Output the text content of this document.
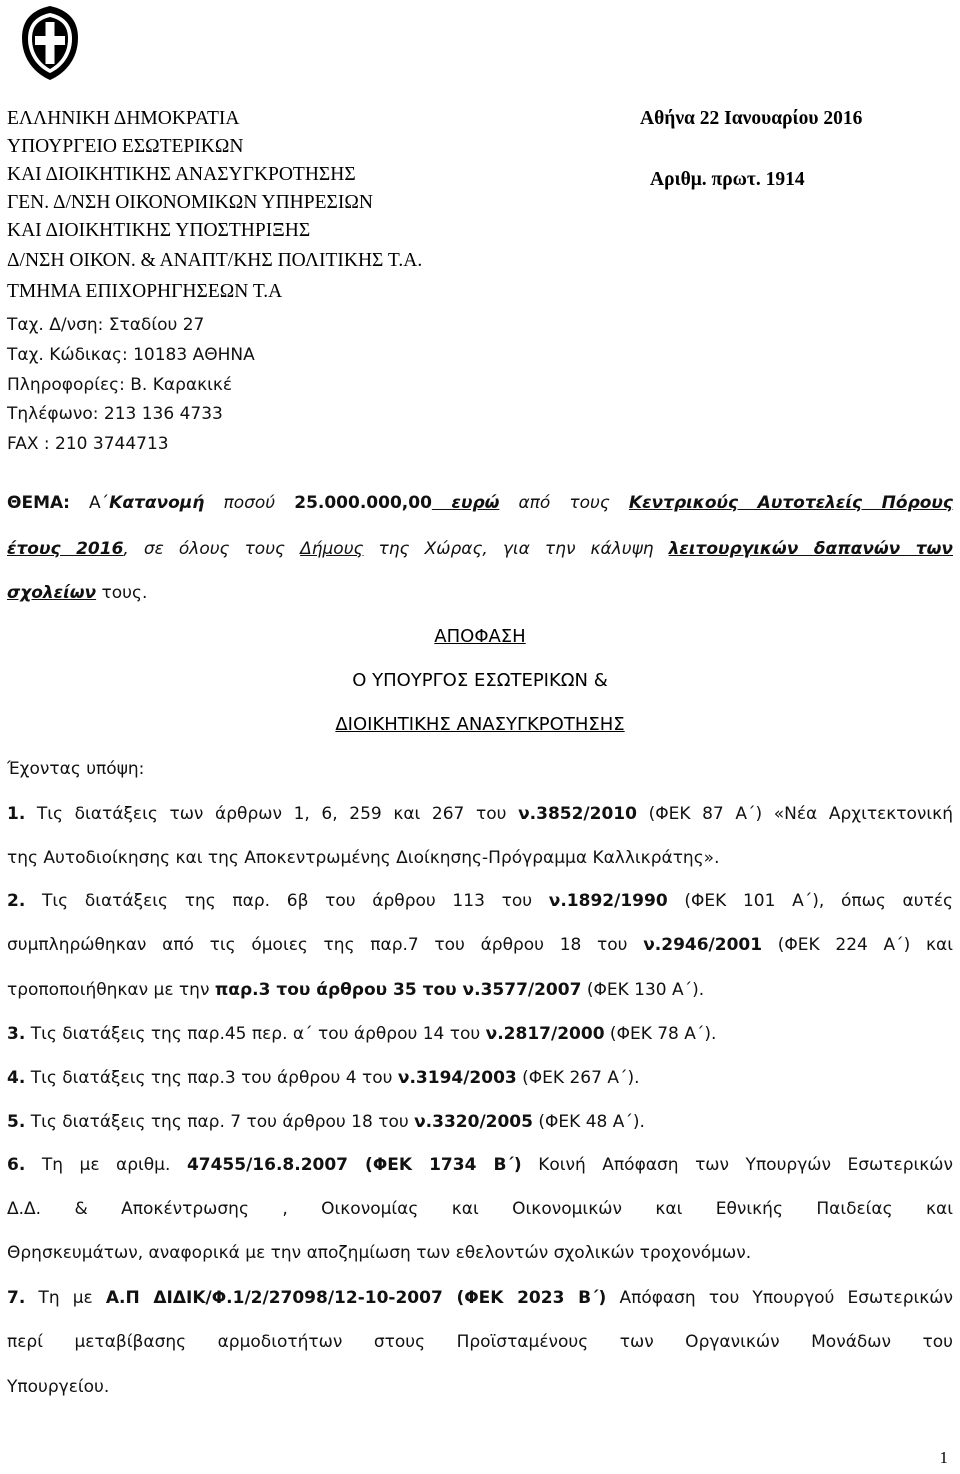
ΕΛΛΗΝΙΚΗ ΔΗΜΟΚΡΑΤΙΑ
ΥΠΟΥΡΓΕΙΟ ΕΣΩΤΕΡΙΚΩΝ
ΚΑΙ ΔΙΟΙΚΗΤΙΚΗΣ ΑΝΑΣΥΓΚΡΟΤΗΣΗΣ
ΓΕΝ. Δ/ΝΣΗ ΟΙΚΟΝΟΜΙΚΩΝ ΥΠΗΡΕΣΙΩΝ
ΚΑΙ ΔΙΟΙΚΗΤΙΚΗΣ ΥΠΟΣΤΗΡΙΞΗΣ
Δ/ΝΣΗ ΟΙΚΟΝ. & ΑΝΑΠΤ/ΚΗΣ ΠΟΛΙΤΙΚΗΣ Τ.Α.
ΤΜΗΜΑ ΕΠΙΧΟΡΗΓΗΣΕΩΝ Τ.Α
Ταχ. Δ/νση: Σταδίου 27
Ταχ. Κώδικας: 10183 ΑΘΗΝΑ
Πληροφορίες: Β. Καρακικέ
Τηλέφωνο: 213 136 4733
FAX : 210 3744713
Αθήνα 22 Ιανουαρίου 2016
Αριθμ. πρωτ. 1914
ΘΕΜΑ: Α΄Κατανομή ποσού 25.000.000,00 ευρώ από τους Κεντρικούς Αυτοτελείς Πόρους
έτους 2016, σε όλους τους Δήμους της Χώρας, για την κάλυψη λειτουργικών δαπανών των
σχολείων τους.
ΑΠΟΦΑΣΗ
Ο ΥΠΟΥΡΓΟΣ ΕΣΩΤΕΡΙΚΩΝ &
ΔΙΟΙΚΗΤΙΚΗΣ ΑΝΑΣΥΓΚΡΟΤΗΣΗΣ
Έχοντας υπόψη:
1. Τις διατάξεις των άρθρων 1, 6, 259 και 267 του ν.3852/2010 (ΦΕΚ 87 Α΄) «Νέα Αρχιτεκτονική
της Αυτοδιοίκησης και της Αποκεντρωμένης Διοίκησης-Πρόγραμμα Καλλικράτης».
2. Τις διατάξεις της παρ. 6β του άρθρου 113 του ν.1892/1990 (ΦΕΚ 101 Α΄), όπως αυτές
συμπληρώθηκαν από τις όμοιες της παρ.7 του άρθρου 18 του ν.2946/2001 (ΦΕΚ 224 Α΄) και
τροποποιήθηκαν με την παρ.3 του άρθρου 35 του ν.3577/2007 (ΦΕΚ 130 Α΄).
3. Τις διατάξεις της παρ.45 περ. α΄ του άρθρου 14 του ν.2817/2000 (ΦΕΚ 78 Α΄).
4. Τις διατάξεις της παρ.3 του άρθρου 4 του ν.3194/2003 (ΦΕΚ 267 Α΄).
5. Τις διατάξεις της παρ. 7 του άρθρου 18 του ν.3320/2005 (ΦΕΚ 48 Α΄).
6. Τη με αριθμ. 47455/16.8.2007 (ΦΕΚ 1734 Β΄) Κοινή Απόφαση των Υπουργών Εσωτερικών
Δ.Δ. & Αποκέντρωσης , Οικονομίας και Οικονομικών και Εθνικής Παιδείας και
Θρησκευμάτων, αναφορικά με την αποζημίωση των εθελοντών σχολικών τροχονόμων.
7. Τη με Α.Π ΔΙΔΙΚ/Φ.1/2/27098/12-10-2007 (ΦΕΚ 2023 Β΄) Απόφαση του Υπουργού Εσωτερικών
περί μεταβίβασης αρμοδιοτήτων στους Προϊσταμένους των Οργανικών Μονάδων του
Υπουργείου.
1
